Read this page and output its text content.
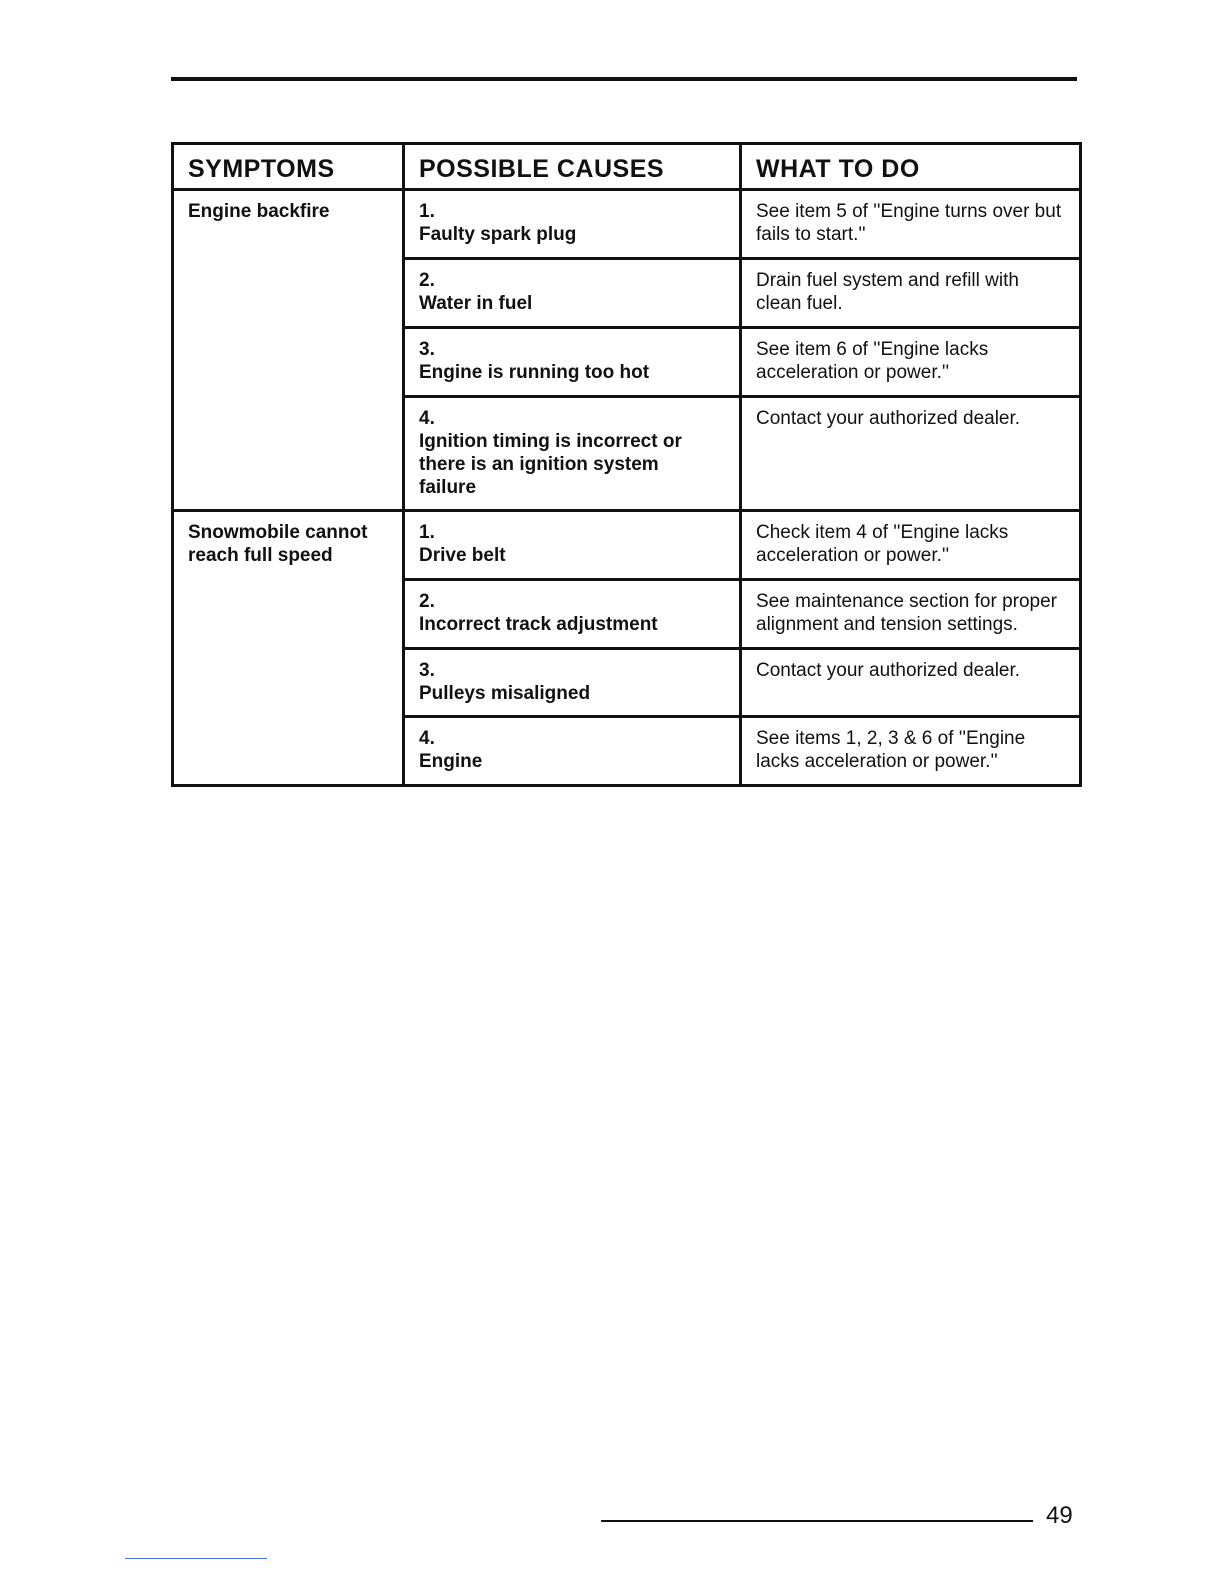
SYMPTOMS	POSSIBLE CAUSES	WHAT TO DO
Engine backfire	1.Faulty spark plug	See item 5 of ''Engine turns over but fails to start.''
	2.Water in fuel	Drain fuel system and refill with clean fuel.
	3.Engine is running too hot	See item 6 of ''Engine lacks acceleration or power.''
	4.Ignition timing is incorrect or there is an ignition system failure	Contact your authorized dealer.
Snowmobile cannot reach full speed	1.Drive belt	Check item 4 of ''Engine lacks acceleration or power.''
	2.Incorrect track adjustment	See maintenance section for proper alignment and tension settings.
	3.Pulleys misaligned	Contact your authorized dealer.
	4.Engine	See items 1, 2, 3 & 6 of ''Engine lacks acceleration or power.''
49
